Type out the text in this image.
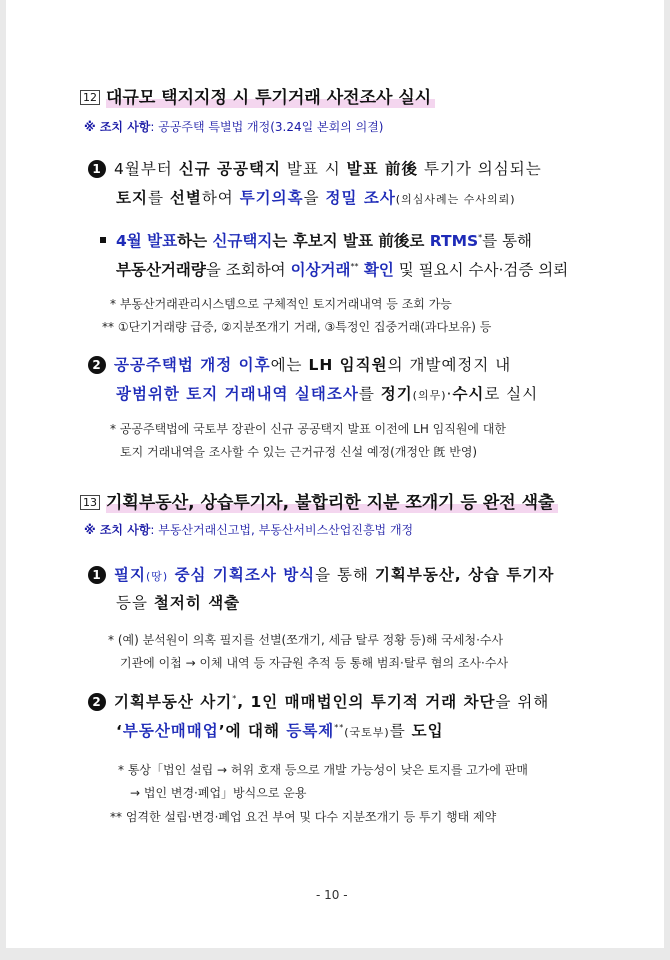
12 대규모 택지지정 시 투기거래 사전조사 실시
※ 조치 사항: 공공주택 특별법 개정(3.24일 본회의 의결)
1 4월부터 신규 공공택지 발표 시 발표 前後 투기가 의심되는
토지를 선별하여 투기의혹을 정밀 조사(의심사례는 수사의뢰)
4월 발표하는 신규택지는 후보지 발표 前後로 RTMS*를 통해
부동산거래량을 조회하여 이상거래** 확인 및 필요시 수사·검증 의뢰
* 부동산거래관리시스템으로 구체적인 토지거래내역 등 조회 가능
** ①단기거래량 급증, ②지분쪼개기 거래, ③특정인 집중거래(과다보유) 등
2 공공주택법 개정 이후에는 LH 임직원의 개발예정지 내
광범위한 토지 거래내역 실태조사를 정기(의무)·수시로 실시
* 공공주택법에 국토부 장관이 신규 공공택지 발표 이전에 LH 임직원에 대한
토지 거래내역을 조사할 수 있는 근거규정 신설 예정(개정안 旣 반영)
13 기획부동산, 상습투기자, 불합리한 지분 쪼개기 등 완전 색출
※ 조치 사항: 부동산거래신고법, 부동산서비스산업진흥법 개정
1 필지(땅) 중심 기획조사 방식을 통해 기획부동산, 상습 투기자
등을 철저히 색출
* (예) 분석원이 의혹 필지를 선별(쪼개기, 세금 탈루 정황 등)해 국세청·수사
기관에 이첩 → 이체 내역 등 자금원 추적 등 통해 범죄·탈루 혐의 조사·수사
2 기획부동산 사기*, 1인 매매법인의 투기적 거래 차단을 위해
‘부동산매매업’에 대해 등록제**(국토부)를 도입
* 통상「법인 설립 → 허위 호재 등으로 개발 가능성이 낮은 토지를 고가에 판매
→ 법인 변경·폐업」방식으로 운용
** 엄격한 설립·변경·폐업 요건 부여 및 다수 지분쪼개기 등 투기 행태 제약
- 10 -
